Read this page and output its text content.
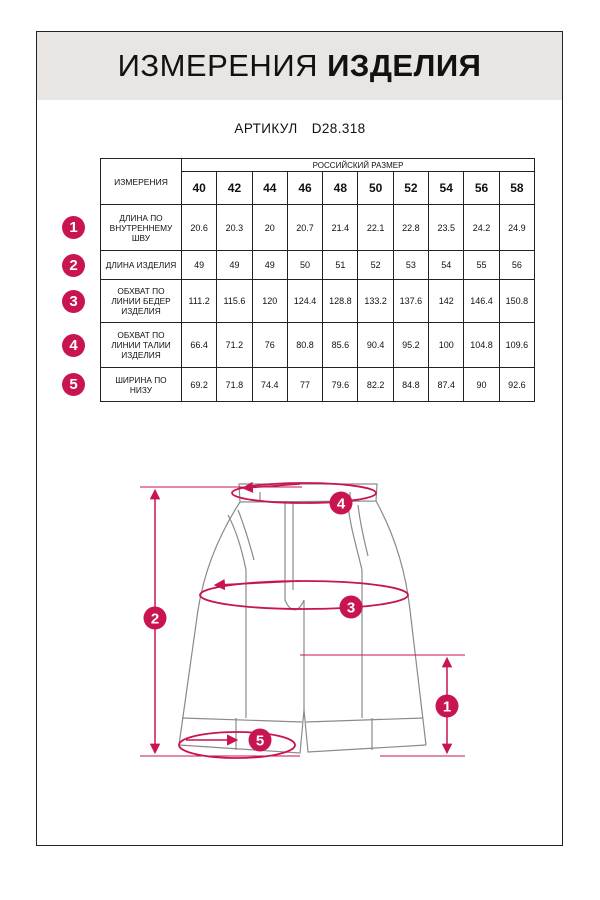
ИЗМЕРЕНИЯ ИЗДЕЛИЯ
АРТИКУЛ D28.318
ИЗМЕРЕНИЯ	РОССИЙСКИЙ РАЗМЕР									
	40	42	44	46	48	50	52	54	56	58

ДЛИНА ПО
ВНУТРЕННЕМУ
ШВУ	20.6	20.3	20	20.7	21.4	22.1	22.8	23.5	24.2	24.9

ДЛИНА ИЗДЕЛИЯ	49	49	49	50	51	52	53	54	55	56

ОБХВАТ ПО
ЛИНИИ БЕДЕР
ИЗДЕЛИЯ	111.2	115.6	120	124.4	128.8	133.2	137.6	142	146.4	150.8

ОБХВАТ ПО
ЛИНИИ ТАЛИИ
ИЗДЕЛИЯ	66.4	71.2	76	80.8	85.6	90.4	95.2	100	104.8	109.6

ШИРИНА ПО
НИЗУ	69.2	71.8	74.4	77	79.6	82.2	84.8	87.4	90	92.6
1
2
3
4
5
4
3
2
1
5
